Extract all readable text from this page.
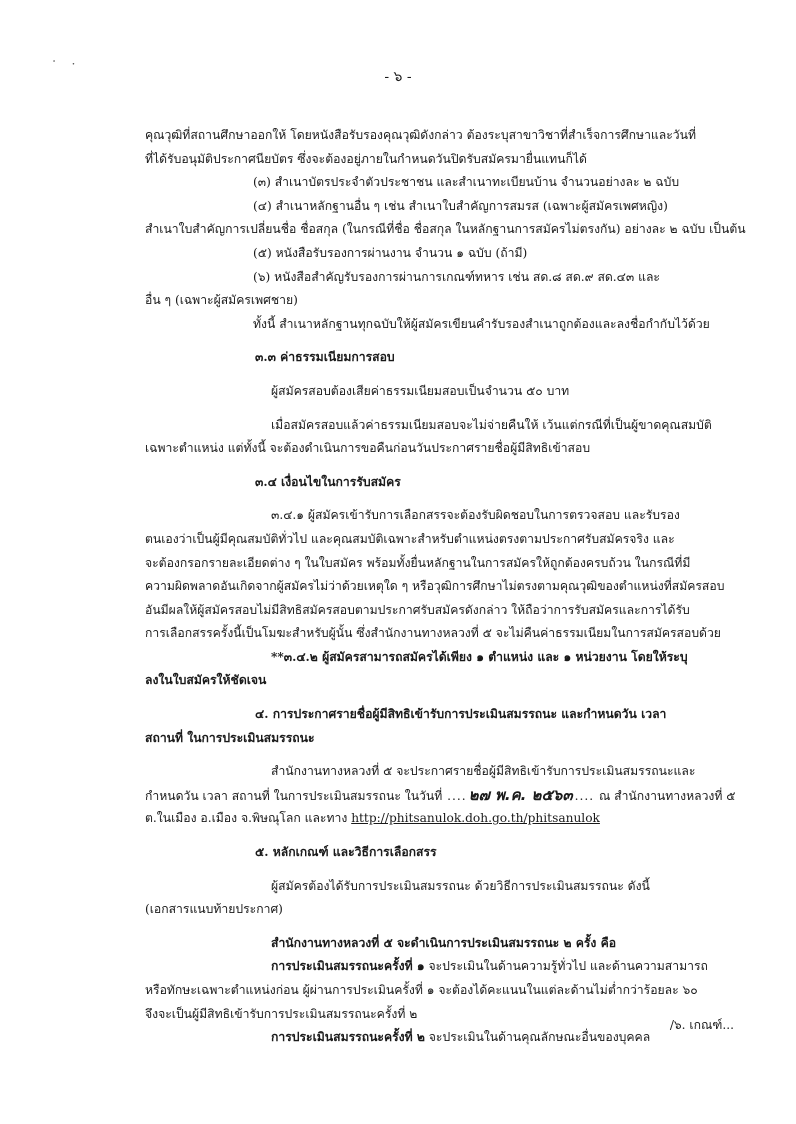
· ·
- ๖ -
คุณวุฒิที่สถานศึกษาออกให้ โดยหนังสือรับรองคุณวุฒิดังกล่าว ต้องระบุสาขาวิชาที่สำเร็จการศึกษาและวันที่
ที่ได้รับอนุมัติประกาศนียบัตร ซึ่งจะต้องอยู่ภายในกำหนดวันปิดรับสมัครมายื่นแทนก็ได้
(๓) สำเนาบัตรประจำตัวประชาชน และสำเนาทะเบียนบ้าน จำนวนอย่างละ ๒ ฉบับ
(๔) สำเนาหลักฐานอื่น ๆ เช่น สำเนาใบสำคัญการสมรส (เฉพาะผู้สมัครเพศหญิง)
สำเนาใบสำคัญการเปลี่ยนชื่อ ชื่อสกุล (ในกรณีที่ชื่อ ชื่อสกุล ในหลักฐานการสมัครไม่ตรงกัน) อย่างละ ๒ ฉบับ เป็นต้น
(๕) หนังสือรับรองการผ่านงาน จำนวน ๑ ฉบับ (ถ้ามี)
(๖) หนังสือสำคัญรับรองการผ่านการเกณฑ์ทหาร เช่น สด.๘ สด.๙ สด.๔๓ และ
อื่น ๆ (เฉพาะผู้สมัครเพศชาย)
ทั้งนี้ สำเนาหลักฐานทุกฉบับให้ผู้สมัครเขียนคำรับรองสำเนาถูกต้องและลงชื่อกำกับไว้ด้วย
๓.๓ ค่าธรรมเนียมการสอบ
ผู้สมัครสอบต้องเสียค่าธรรมเนียมสอบเป็นจำนวน ๕๐ บาท
เมื่อสมัครสอบแล้วค่าธรรมเนียมสอบจะไม่จ่ายคืนให้ เว้นแต่กรณีที่เป็นผู้ขาดคุณสมบัติ
เฉพาะตำแหน่ง แต่ทั้งนี้ จะต้องดำเนินการขอคืนก่อนวันประกาศรายชื่อผู้มีสิทธิเข้าสอบ
๓.๔ เงื่อนไขในการรับสมัคร
๓.๔.๑ ผู้สมัครเข้ารับการเลือกสรรจะต้องรับผิดชอบในการตรวจสอบ และรับรอง
ตนเองว่าเป็นผู้มีคุณสมบัติทั่วไป และคุณสมบัติเฉพาะสำหรับตำแหน่งตรงตามประกาศรับสมัครจริง และ
จะต้องกรอกรายละเอียดต่าง ๆ ในใบสมัคร พร้อมทั้งยื่นหลักฐานในการสมัครให้ถูกต้องครบถ้วน ในกรณีที่มี
ความผิดพลาดอันเกิดจากผู้สมัครไม่ว่าด้วยเหตุใด ๆ หรือวุฒิการศึกษาไม่ตรงตามคุณวุฒิของตำแหน่งที่สมัครสอบ
อันมีผลให้ผู้สมัครสอบไม่มีสิทธิสมัครสอบตามประกาศรับสมัครดังกล่าว ให้ถือว่าการรับสมัครและการได้รับ
การเลือกสรรครั้งนี้เป็นโมฆะสำหรับผู้นั้น ซึ่งสำนักงานทางหลวงที่ ๕ จะไม่คืนค่าธรรมเนียมในการสมัครสอบด้วย
**๓.๔.๒ ผู้สมัครสามารถสมัครได้เพียง ๑ ตำแหน่ง และ ๑ หน่วยงาน โดยให้ระบุ
ลงในใบสมัครให้ชัดเจน
๔. การประกาศรายชื่อผู้มีสิทธิเข้ารับการประเมินสมรรถนะ และกำหนดวัน เวลา
สถานที่ ในการประเมินสมรรถนะ
สำนักงานทางหลวงที่ ๕ จะประกาศรายชื่อผู้มีสิทธิเข้ารับการประเมินสมรรถนะและ
กำหนดวัน เวลา สถานที่ ในการประเมินสมรรถนะ ในวันที่ .... ๒๗ พ.ค. ๒๕๖๓ .... ณ สำนักงานทางหลวงที่ ๕
ต.ในเมือง อ.เมือง จ.พิษณุโลก และทาง http://phitsanulok.doh.go.th/phitsanulok
๕. หลักเกณฑ์ และวิธีการเลือกสรร
ผู้สมัครต้องได้รับการประเมินสมรรถนะ ด้วยวิธีการประเมินสมรรถนะ ดังนี้
(เอกสารแนบท้ายประกาศ)
สำนักงานทางหลวงที่ ๕ จะดำเนินการประเมินสมรรถนะ ๒ ครั้ง คือ
การประเมินสมรรถนะครั้งที่ ๑ จะประเมินในด้านความรู้ทั่วไป และด้านความสามารถ
หรือทักษะเฉพาะตำแหน่งก่อน ผู้ผ่านการประเมินครั้งที่ ๑ จะต้องได้คะแนนในแต่ละด้านไม่ต่ำกว่าร้อยละ ๖๐
จึงจะเป็นผู้มีสิทธิเข้ารับการประเมินสมรรถนะครั้งที่ ๒
การประเมินสมรรถนะครั้งที่ ๒ จะประเมินในด้านคุณลักษณะอื่นของบุคคล
/๖. เกณฑ์...
